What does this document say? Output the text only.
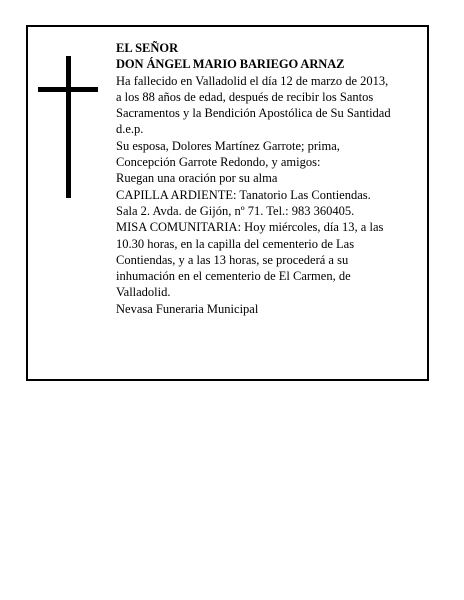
EL SEÑOR

DON ÁNGEL MARIO BARIEGO ARNAZ

Ha fallecido en Valladolid el día 12 de marzo de 2013,

a los 88 años de edad, después de recibir los Santos

Sacramentos y la Bendición Apostólica de Su Santidad

d.e.p.

Su esposa, Dolores Martínez Garrote; prima,

Concepción Garrote Redondo, y amigos:

Ruegan una oración por su alma

CAPILLA ARDIENTE: Tanatorio Las Contiendas.

Sala 2. Avda. de Gijón, nº 71. Tel.: 983 360405.

MISA COMUNITARIA: Hoy miércoles, día 13, a las

10.30 horas, en la capilla del cementerio de Las

Contiendas, y a las 13 horas, se procederá a su

inhumación en el cementerio de El Carmen, de

Valladolid.

Nevasa Funeraria Municipal
